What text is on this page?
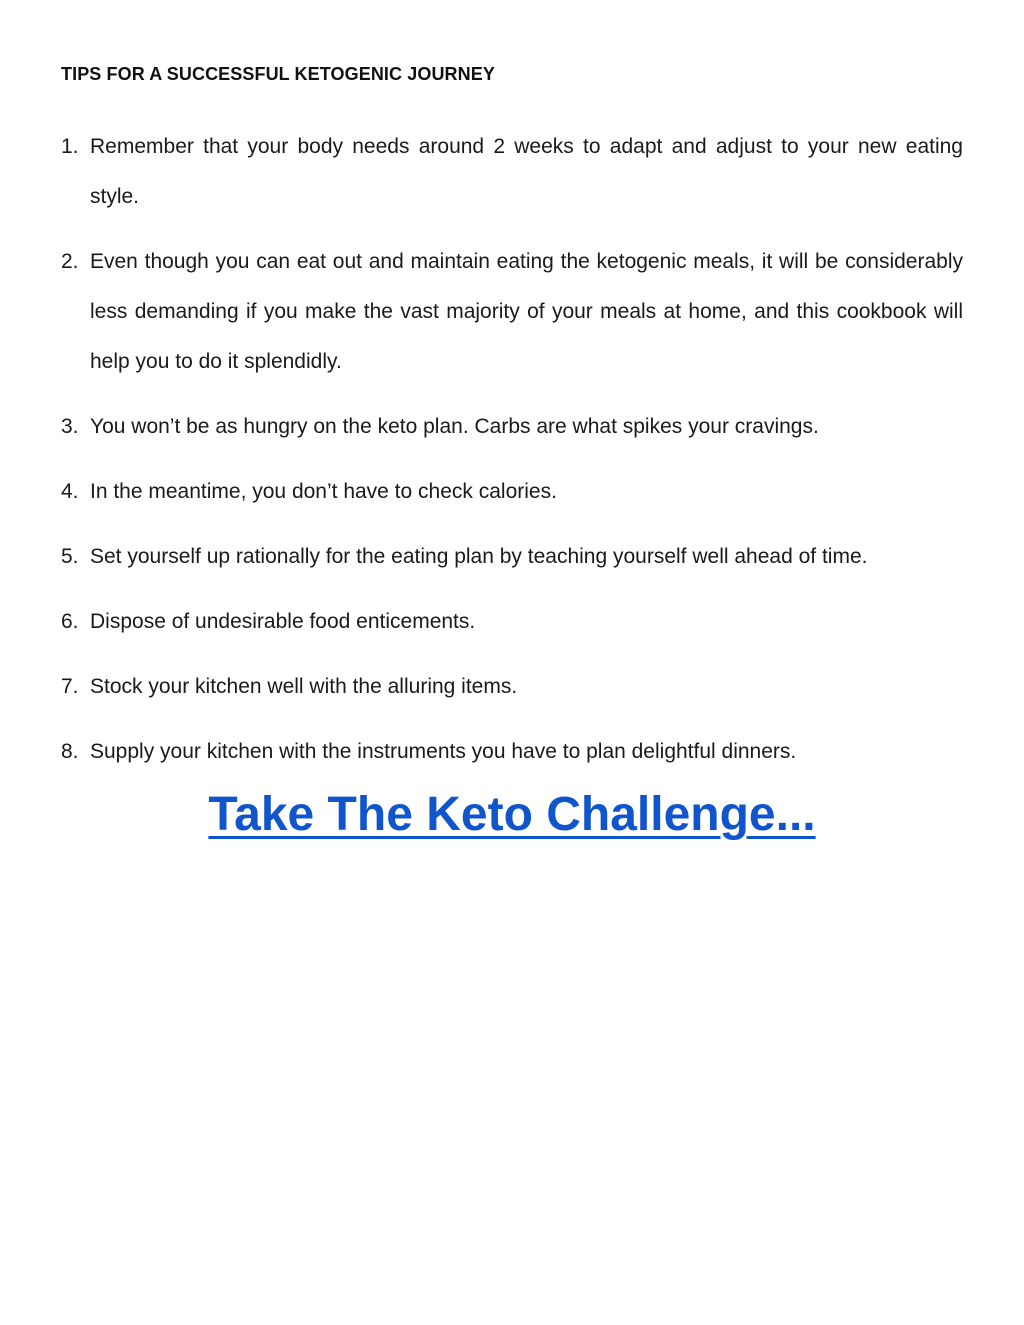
TIPS FOR A SUCCESSFUL KETOGENIC JOURNEY
1. Remember that your body needs around 2 weeks to adapt and adjust to your new eating style.
2. Even though you can eat out and maintain eating the ketogenic meals, it will be considerably less demanding if you make the vast majority of your meals at home, and this cookbook will help you to do it splendidly.
3. You won’t be as hungry on the keto plan. Carbs are what spikes your cravings.
4. In the meantime, you don’t have to check calories.
5. Set yourself up rationally for the eating plan by teaching yourself well ahead of time.
6. Dispose of undesirable food enticements.
7. Stock your kitchen well with the alluring items.
8. Supply your kitchen with the instruments you have to plan delightful dinners.
Take The Keto Challenge...
